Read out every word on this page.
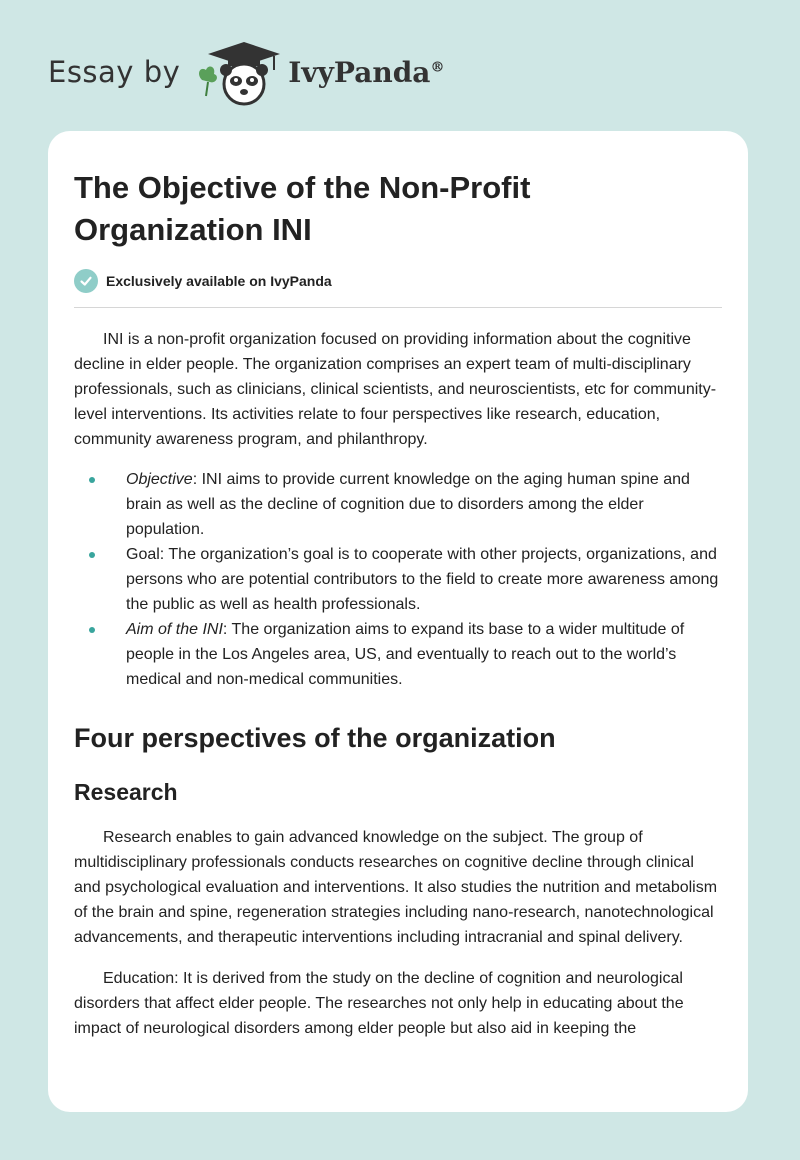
Essay by	IvyPanda®
The Objective of the Non-Profit Organization INI
Exclusively available on IvyPanda

INI is a non-profit organization focused on providing information about the cognitive decline in elder people. The organization comprises an expert team of multi-disciplinary professionals, such as clinicians, clinical scientists, and neuroscientists, etc for community-level interventions. Its activities relate to four perspectives like research, education, community awareness program, and philanthropy.

Objective: INI aims to provide current knowledge on the aging human spine and brain as well as the decline of cognition due to disorders among the elder population.
Goal: The organization’s goal is to cooperate with other projects, organizations, and persons who are potential contributors to the field to create more awareness among the public as well as health professionals.
Aim of the INI: The organization aims to expand its base to a wider multitude of people in the Los Angeles area, US, and eventually to reach out to the world’s medical and non-medical communities.
Four perspectives of the organization
Research

Research enables to gain advanced knowledge on the subject. The group of multidisciplinary professionals conducts researches on cognitive decline through clinical and psychological evaluation and interventions. It also studies the nutrition and metabolism of the brain and spine, regeneration strategies including nano-research, nanotechnological advancements, and therapeutic interventions including intracranial and spinal delivery.

Education: It is derived from the study on the decline of cognition and neurological disorders that affect elder people. The researches not only help in educating about the impact of neurological disorders among elder people but also aid in keeping the
